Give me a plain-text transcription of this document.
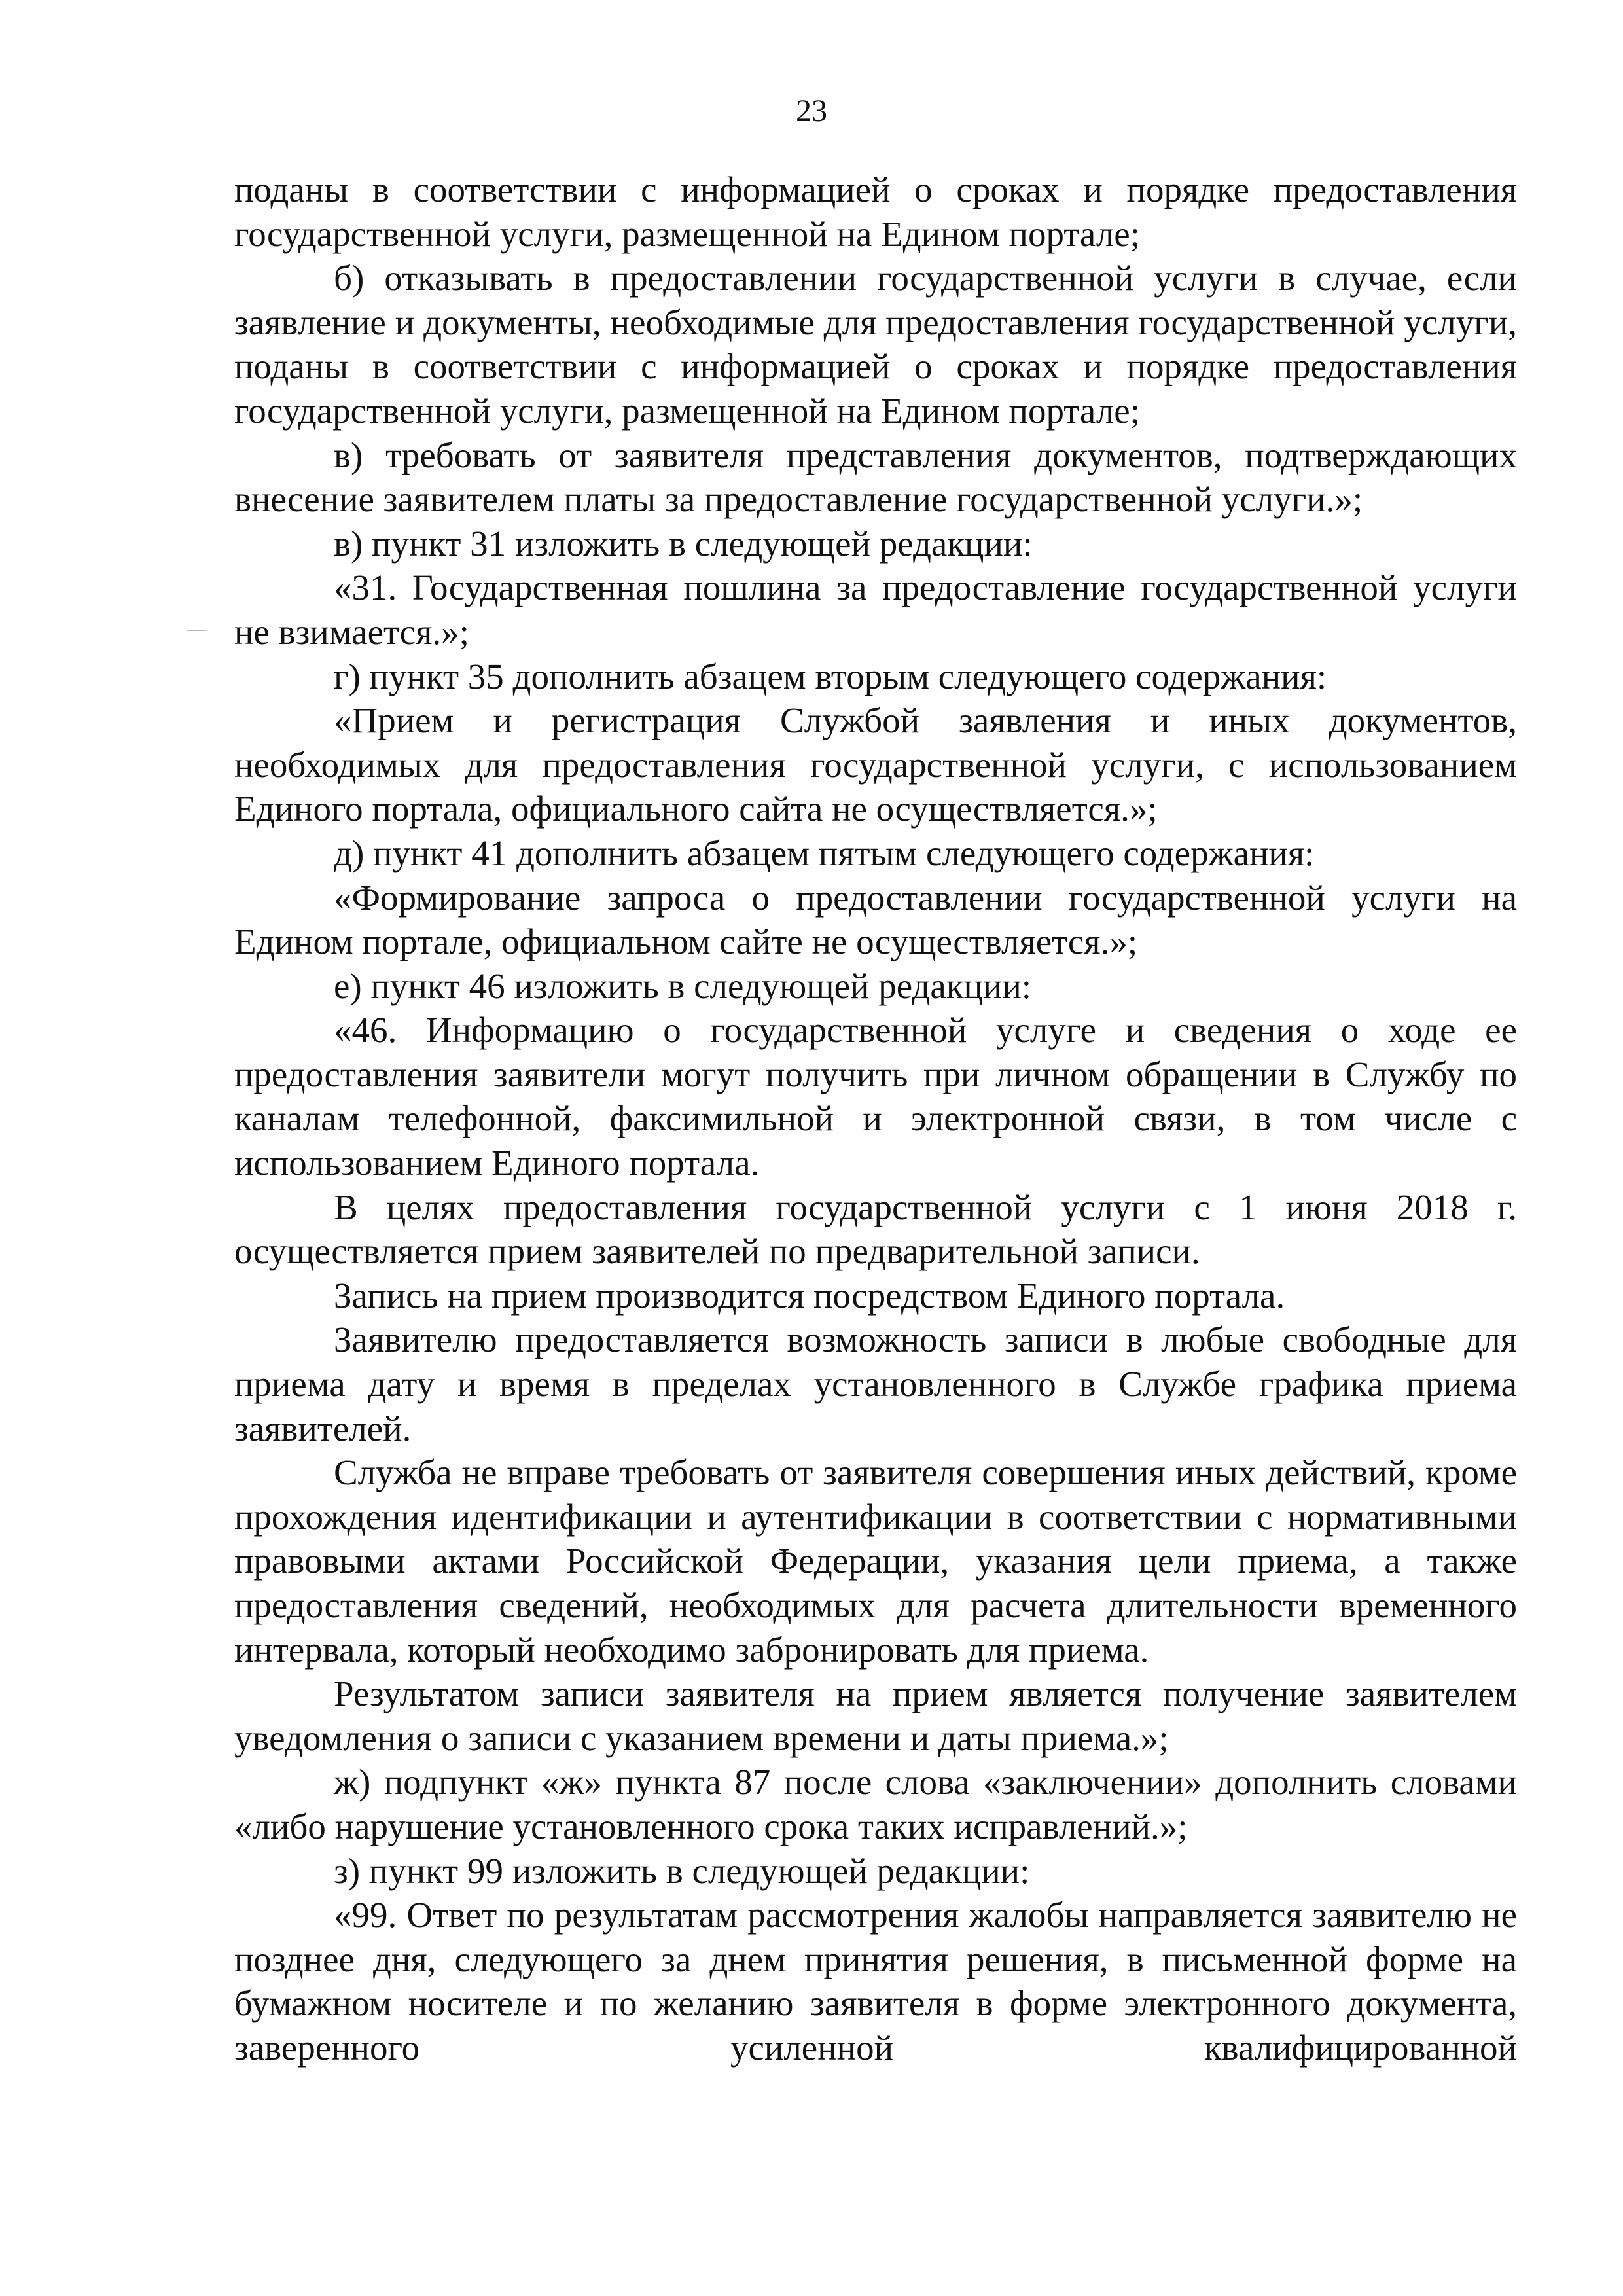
23

поданы в соответствии с информацией о сроках и порядке предоставления государственной услуги, размещенной на Едином портале;

б) отказывать в предоставлении государственной услуги в случае, если заявление и документы, необходимые для предоставления государственной услуги, поданы в соответствии с информацией о сроках и порядке предоставления государственной услуги, размещенной на Едином портале;

в) требовать от заявителя представления документов, подтверждающих внесение заявителем платы за предоставление государственной услуги.»;

в) пункт 31 изложить в следующей редакции:

«31. Государственная пошлина за предоставление государственной услуги не взимается.»;

г) пункт 35 дополнить абзацем вторым следующего содержания:

«Прием и регистрация Службой заявления и иных документов, необходимых для предоставления государственной услуги, с использованием Единого портала, официального сайта не осуществляется.»;

д) пункт 41 дополнить абзацем пятым следующего содержания:

«Формирование запроса о предоставлении государственной услуги на Едином портале, официальном сайте не осуществляется.»;

е) пункт 46 изложить в следующей редакции:

«46. Информацию о государственной услуге и сведения о ходе ее предоставления заявители могут получить при личном обращении в Службу по каналам телефонной, факсимильной и электронной связи, в том числе с использованием Единого портала.

В целях предоставления государственной услуги с 1 июня 2018 г. осуществляется прием заявителей по предварительной записи.

Запись на прием производится посредством Единого портала.

Заявителю предоставляется возможность записи в любые свободные для приема дату и время в пределах установленного в Службе графика приема заявителей.

Служба не вправе требовать от заявителя совершения иных действий, кроме прохождения идентификации и аутентификации в соответствии с нормативными правовыми актами Российской Федерации, указания цели приема, а также предоставления сведений, необходимых для расчета длительности временного интервала, который необходимо забронировать для приема.

Результатом записи заявителя на прием является получение заявителем уведомления о записи с указанием времени и даты приема.»;

ж) подпункт «ж» пункта 87 после слова «заключении» дополнить словами «либо нарушение установленного срока таких исправлений.»;

з) пункт 99 изложить в следующей редакции:

«99. Ответ по результатам рассмотрения жалобы направляется заявителю не позднее дня, следующего за днем принятия решения, в письменной форме на бумажном носителе и по желанию заявителя в форме электронного документа, заверенного усиленной квалифицированной
